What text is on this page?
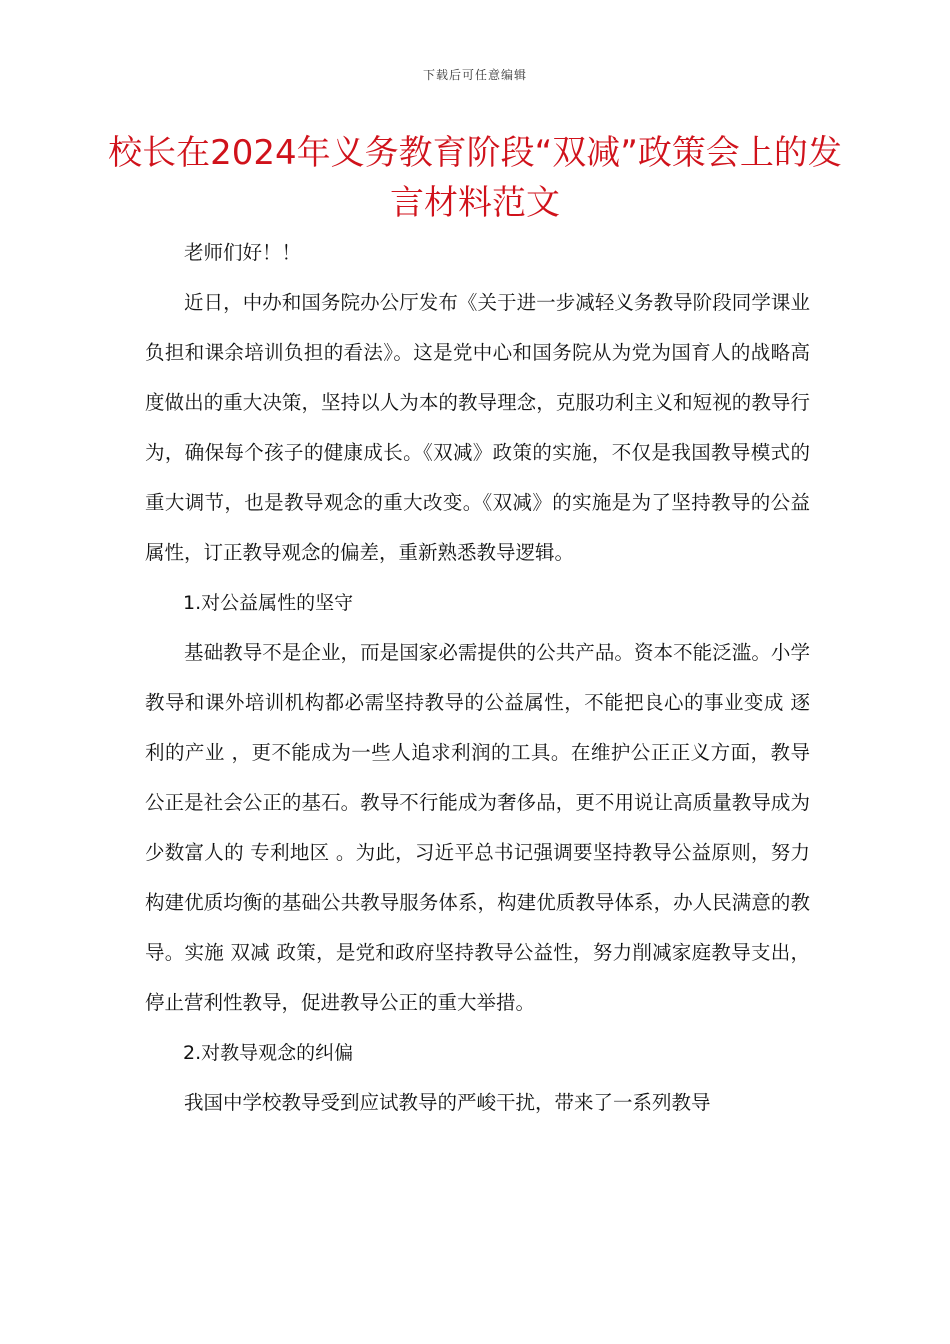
下载后可任意编辑
校长在2024年义务教育阶段“双减”政策会上的发言材料范文

老师们好！！

近日，中办和国务院办公厅发布《关于进一步减轻义务教导阶段同学课业负担和课余培训负担的看法》。这是党中心和国务院从为党为国育人的战略高度做出的重大决策，坚持以人为本的教导理念，克服功利主义和短视的教导行为，确保每个孩子的健康成长。《双减》政策的实施，不仅是我国教导模式的重大调节，也是教导观念的重大改变。《双减》的实施是为了坚持教导的公益属性，订正教导观念的偏差，重新熟悉教导逻辑。

1.对公益属性的坚守

基础教导不是企业，而是国家必需提供的公共产品。资本不能泛滥。小学教导和课外培训机构都必需坚持教导的公益属性，不能把良心的事业变成 逐利的产业 ，更不能成为一些人追求利润的工具。在维护公正正义方面，教导公正是社会公正的基石。教导不行能成为奢侈品，更不用说让高质量教导成为少数富人的 专利地区 。为此，习近平总书记强调要坚持教导公益原则，努力构建优质均衡的基础公共教导服务体系，构建优质教导体系，办人民满意的教导。实施 双减 政策，是党和政府坚持教导公益性，努力削减家庭教导支出，停止营利性教导，促进教导公正的重大举措。

2.对教导观念的纠偏

我国中学校教导受到应试教导的严峻干扰，带来了一系列教导
